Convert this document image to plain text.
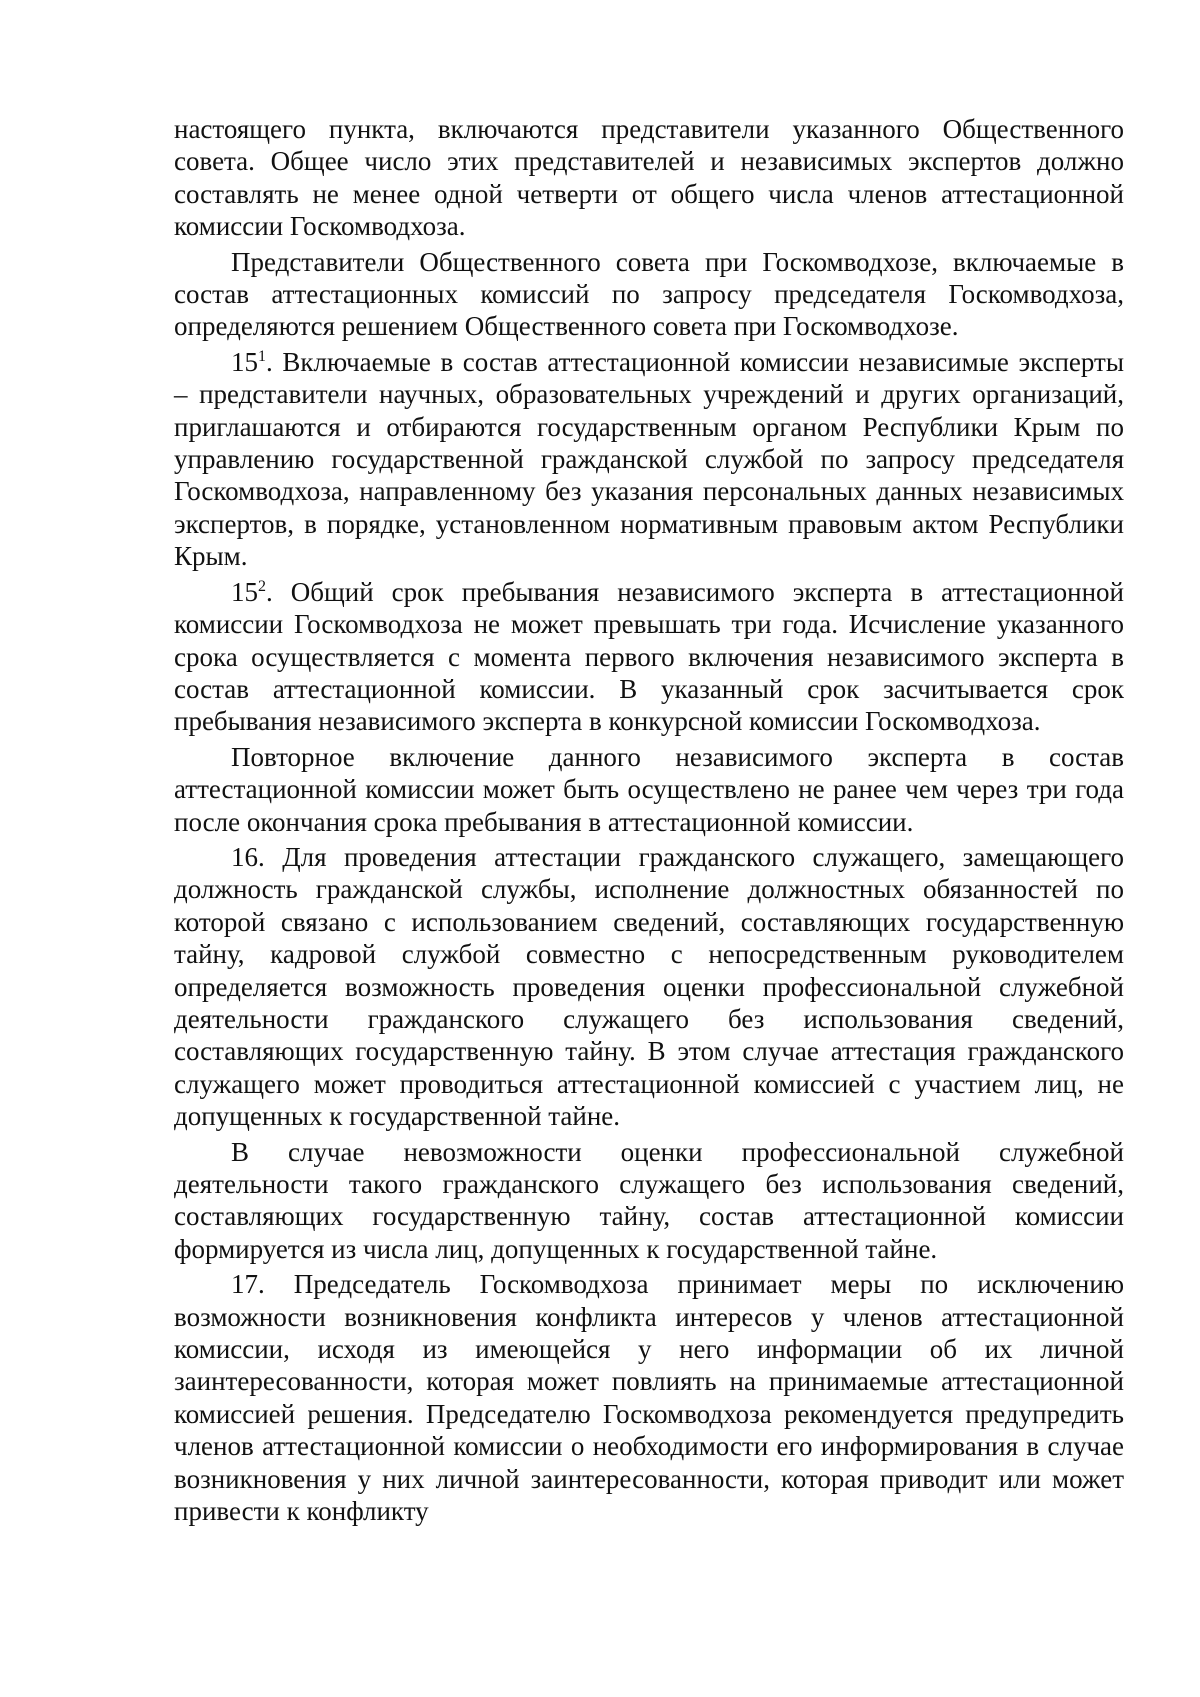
настоящего пункта, включаются представители указанного Общественного совета. Общее число этих представителей и независимых экспертов должно составлять не менее одной четверти от общего числа членов аттестационной комиссии Госкомводхоза.

Представители Общественного совета при Госкомводхозе, включаемые в состав аттестационных комиссий по запросу председателя Госкомводхоза, определяются решением Общественного совета при Госкомводхозе.

$15^1$. Включаемые в состав аттестационной комиссии независимые эксперты – представители научных, образовательных учреждений и других организаций, приглашаются и отбираются государственным органом Республики Крым по управлению государственной гражданской службой по запросу председателя Госкомводхоза, направленному без указания персональных данных независимых экспертов, в порядке, установленном нормативным правовым актом Республики Крым.

$15^2$. Общий срок пребывания независимого эксперта в аттестационной комиссии Госкомводхоза не может превышать три года. Исчисление указанного срока осуществляется с момента первого включения независимого эксперта в состав аттестационной комиссии. В указанный срок засчитывается срок пребывания независимого эксперта в конкурсной комиссии Госкомводхоза.

Повторное включение данного независимого эксперта в состав аттестационной комиссии может быть осуществлено не ранее чем через три года после окончания срока пребывания в аттестационной комиссии.

16. Для проведения аттестации гражданского служащего, замещающего должность гражданской службы, исполнение должностных обязанностей по которой связано с использованием сведений, составляющих государственную тайну, кадровой службой совместно с непосредственным руководителем определяется возможность проведения оценки профессиональной служебной деятельности гражданского служащего без использования сведений, составляющих государственную тайну. В этом случае аттестация гражданского служащего может проводиться аттестационной комиссией с участием лиц, не допущенных к государственной тайне.

В случае невозможности оценки профессиональной служебной деятельности такого гражданского служащего без использования сведений, составляющих государственную тайну, состав аттестационной комиссии формируется из числа лиц, допущенных к государственной тайне.

17. Председатель Госкомводхоза принимает меры по исключению возможности возникновения конфликта интересов у членов аттестационной комиссии, исходя из имеющейся у него информации об их личной заинтересованности, которая может повлиять на принимаемые аттестационной комиссией решения. Председателю Госкомводхоза рекомендуется предупредить членов аттестационной комиссии о необходимости его информирования в случае возникновения у них личной заинтересованности, которая приводит или может привести к конфликту
